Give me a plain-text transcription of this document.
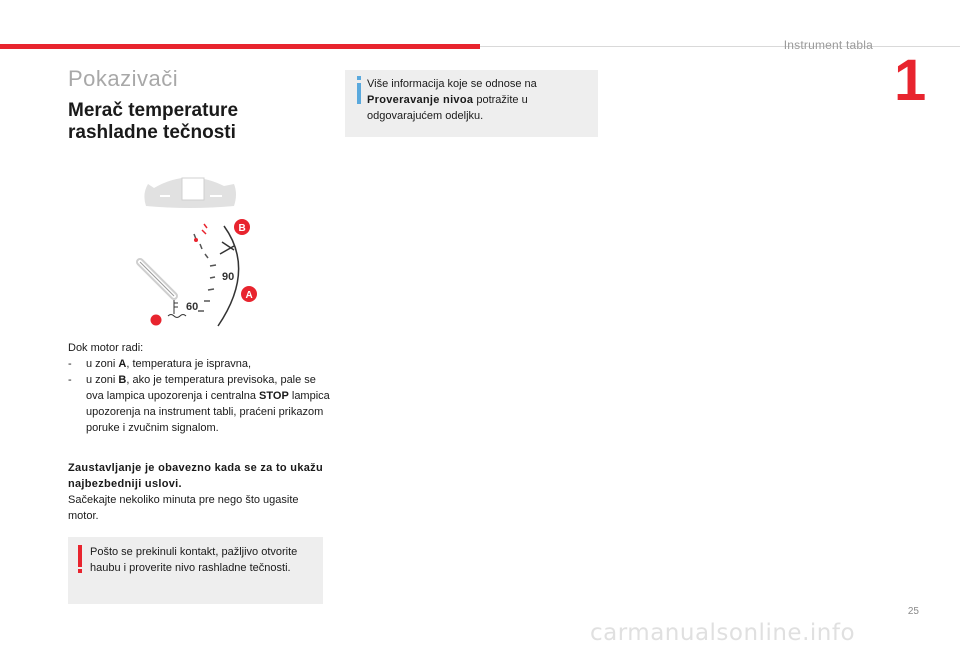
Instrument tabla
1
Pokazivači
Merač temperature rashladne tečnosti
90
60
B
A

Dok motor radi:

- u zoni A, temperatura je ispravna,
- u zoni B, ako je temperatura previsoka, pale se ova lampica upozorenja i centralna STOP lampica upozorenja na instrument tabli, praćeni prikazom poruke i zvučnim signalom.

Zaustavljanje je obavezno kada se za to ukažu najbezbedniji uslovi.

Sačekajte nekoliko minuta pre nego što ugasite motor.

Pošto se prekinuli kontakt, pažljivo otvorite haubu i proverite nivo rashladne tečnosti.
Više informacija koje se odnose na Proveravanje nivoa potražite u odgovarajućem odeljku.
25
carmanualsonline.info
